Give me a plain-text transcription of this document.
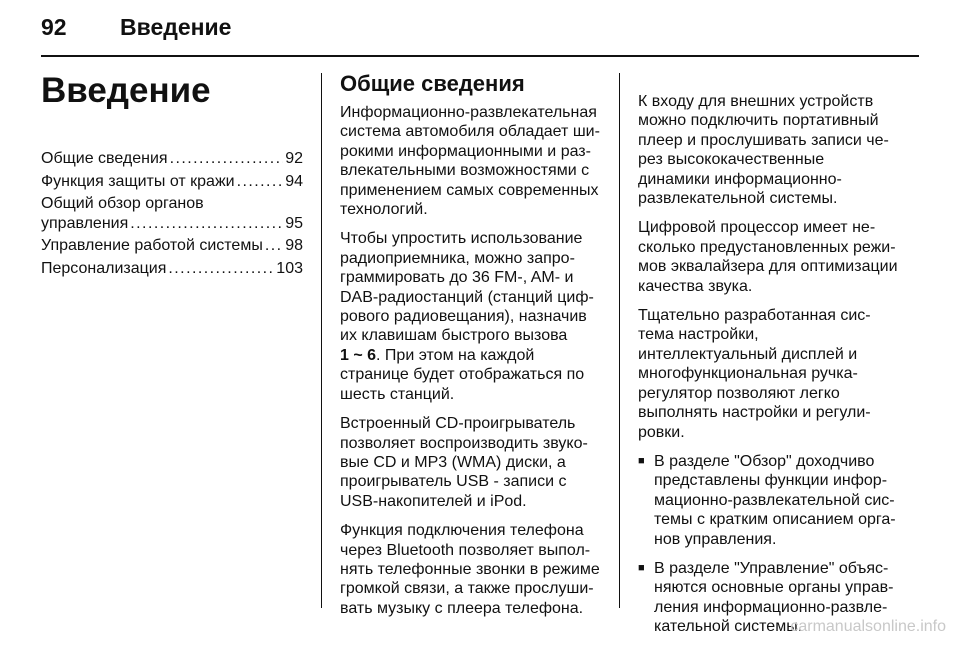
92 Введение
Введение
Общие сведения . . .	92
Функция защиты от кражи . . .	94
Общий обзор органов
управления . . .	95
Управление работой системы . . . 98
Персонализация . . .	103
Общие сведения

Информационно-развлекательная система автомобиля обладает широкими информационными и развлекательными возможностями с применением самых современных технологий.

Чтобы упростить использование радиоприемника, можно запрограммировать до 36 FM-, AM- и DAB-радиостанций (станций цифрового радиовещания), назначив их клавишам быстрого вызова
1 ~ 6. При этом на каждой странице будет отображаться по шесть станций.

Встроенный CD-проигрыватель позволяет воспроизводить звуковые CD и MP3 (WMA) диски, а проигрыватель USB - записи с USB-накопителей и iPod.

Функция подключения телефона через Bluetooth позволяет выполнять телефонные звонки в режиме громкой связи, а также прослушивать музыку с плеера телефона.

К входу для внешних устройств можно подключить портативный плеер и прослушивать записи через высококачественные динамики информационно-развлекательной системы.

Цифровой процессор имеет несколько предустановленных режимов эквалайзера для оптимизации качества звука.

Тщательно разработанная система настройки, интеллектуальный дисплей и многофункциональная ручка-регулятор позволяют легко выполнять настройки и регулировки.

■ В разделе "Обзор" доходчиво представлены функции информационно-развлекательной системы с кратким описанием органов управления.
■ В разделе "Управление" объясняются основные органы управления информационно-развлекательной системы.
carmanualsonline.info
